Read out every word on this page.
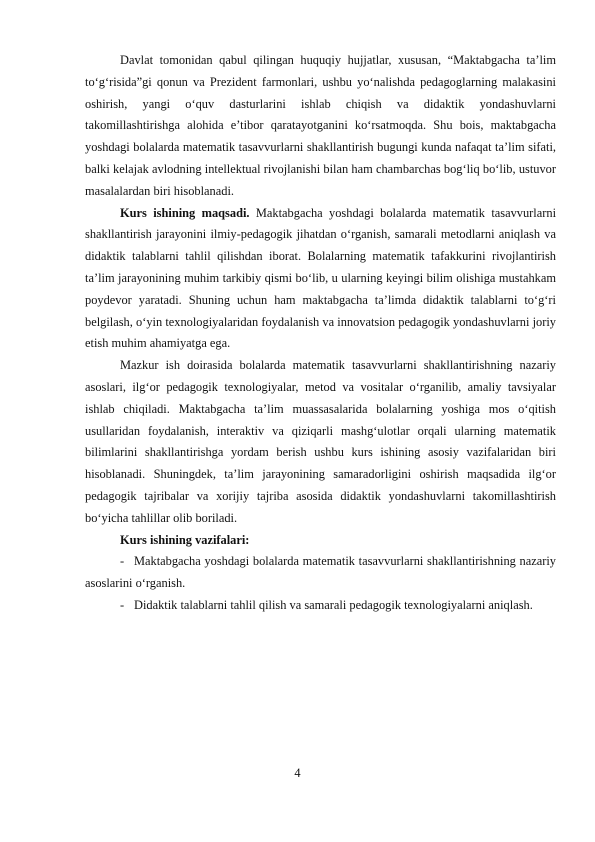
Davlat tomonidan qabul qilingan huquqiy hujjatlar, xususan, “Maktabgacha ta’lim to‘g‘risida”gi qonun va Prezident farmonlari, ushbu yo‘nalishda pedagoglarning malakasini oshirish, yangi o‘quv dasturlarini ishlab chiqish va didaktik yondashuvlarni takomillashtirishga alohida e’tibor qaratayotganini ko‘rsatmoqda. Shu bois, maktabgacha yoshdagi bolalarda matematik tasavvurlarni shakllantirish bugungi kunda nafaqat ta’lim sifati, balki kelajak avlodning intellektual rivojlanishi bilan ham chambarchas bog‘liq bo‘lib, ustuvor masalalardan biri hisoblanadi.

Kurs ishining maqsadi. Maktabgacha yoshdagi bolalarda matematik tasavvurlarni shakllantirish jarayonini ilmiy-pedagogik jihatdan o‘rganish, samarali metodlarni aniqlash va didaktik talablarni tahlil qilishdan iborat. Bolalarning matematik tafakkurini rivojlantirish ta’lim jarayonining muhim tarkibiy qismi bo‘lib, u ularning keyingi bilim olishiga mustahkam poydevor yaratadi. Shuning uchun ham maktabgacha ta’limda didaktik talablarni to‘g‘ri belgilash, o‘yin texnologiyalaridan foydalanish va innovatsion pedagogik yondashuvlarni joriy etish muhim ahamiyatga ega.

Mazkur ish doirasida bolalarda matematik tasavvurlarni shakllantirishning nazariy asoslari, ilg‘or pedagogik texnologiyalar, metod va vositalar o‘rganilib, amaliy tavsiyalar ishlab chiqiladi. Maktabgacha ta’lim muassasalarida bolalarning yoshiga mos o‘qitish usullaridan foydalanish, interaktiv va qiziqarli mashg‘ulotlar orqali ularning matematik bilimlarini shakllantirishga yordam berish ushbu kurs ishining asosiy vazifalaridan biri hisoblanadi. Shuningdek, ta’lim jarayonining samaradorligini oshirish maqsadida ilg‘or pedagogik tajribalar va xorijiy tajriba asosida didaktik yondashuvlarni takomillashtirish bo‘yicha tahlillar olib boriladi.

Kurs ishining vazifalari:

- Maktabgacha yoshdagi bolalarda matematik tasavvurlarni shakllantirishning nazariy asoslarini o‘rganish.

- Didaktik talablarni tahlil qilish va samarali pedagogik texnologiyalarni aniqlash.

4
